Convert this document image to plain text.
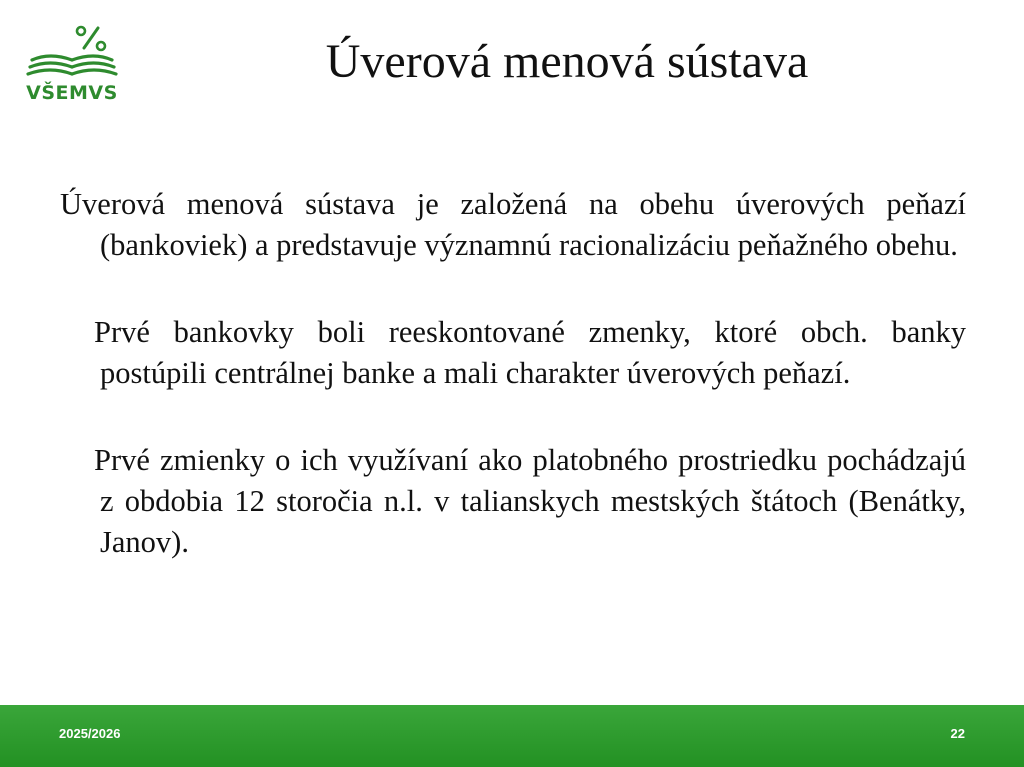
VŠEMVS
Úverová menová sústava

Úverová menová sústava je založená na obehu úverových peňazí (bankoviek) a predstavuje významnú racionalizáciu peňažného obehu.

Prvé bankovky boli reeskontované zmenky, ktoré obch. banky postúpili centrálnej banke a mali charakter úverových peňazí.

Prvé zmienky o ich využívaní ako platobného prostriedku pochádzajú z obdobia 12 storočia n.l. v talianskych mestských štátoch (Benátky, Janov).

2025/2026	22
